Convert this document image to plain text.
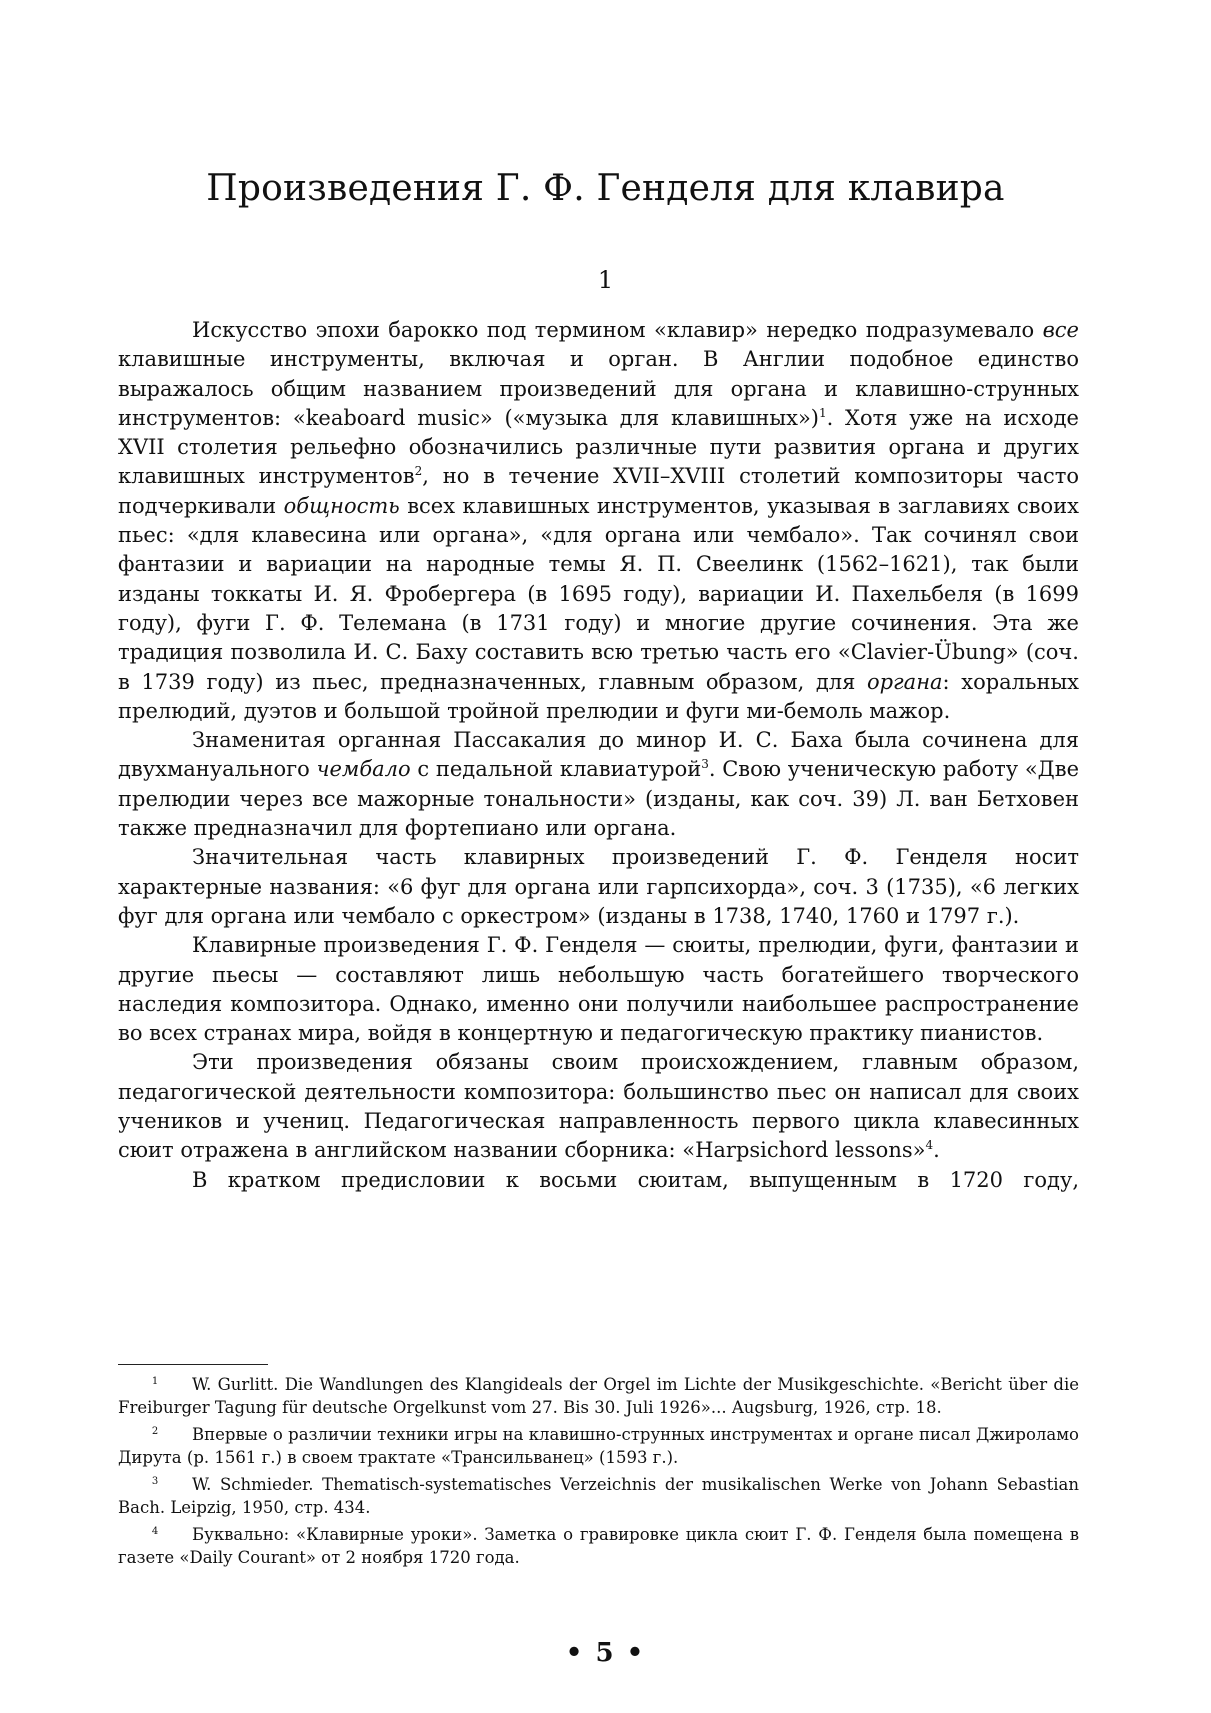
Произведения Г. Ф. Генделя для клавира
1

Искусство эпохи барокко под термином «клавир» нередко подразумевало все клавишные инструменты, включая и орган. В Англии подобное единство выражалось общим названием произведений для органа и клавишно-струнных инструментов: «keaboard music» («музыка для клавишных»)$^1$. Хотя уже на исходе XVII столетия рельефно обозначились различные пути развития органа и других клавишных инструментов$^2$, но в течение XVII–XVIII столетий композиторы часто подчеркивали общность всех клавишных инструментов, указывая в заглавиях своих пьес: «для клавесина или органа», «для органа или чембало». Так сочинял свои фантазии и вариации на народные темы Я. П. Свеелинк (1562–1621), так были изданы токкаты И. Я. Фробергера (в 1695 году), вариации И. Пахельбеля (в 1699 году), фуги Г. Ф. Телемана (в 1731 году) и многие другие сочинения. Эта же традиция позволила И. С. Баху составить всю третью часть его «Clavier-Übung» (соч. в 1739 году) из пьес, предназначенных, главным образом, для органа: хоральных прелюдий, дуэтов и большой тройной прелюдии и фуги ми-бемоль мажор.

Знаменитая органная Пассакалия до минор И. С. Баха была сочинена для двухмануального чембало с педальной клавиатурой$^3$. Свою ученическую работу «Две прелюдии через все мажорные тональности» (изданы, как соч. 39) Л. ван Бетховен также предназначил для фортепиано или органа.

Значительная часть клавирных произведений Г. Ф. Генделя носит характерные названия: «6 фуг для органа или гарпсихорда», соч. 3 (1735), «6 легких фуг для органа или чембало с оркестром» (изданы в 1738, 1740, 1760 и 1797 г.).

Клавирные произведения Г. Ф. Генделя — сюиты, прелюдии, фуги, фантазии и другие пьесы — составляют лишь небольшую часть богатейшего творческого наследия композитора. Однако, именно они получили наибольшее распространение во всех странах мира, войдя в концертную и педагогическую практику пианистов.

Эти произведения обязаны своим происхождением, главным образом, педагогической деятельности композитора: большинство пьес он написал для своих учеников и учениц. Педагогическая направленность первого цикла клавесинных сюит отражена в английском названии сборника: «Harpsichord lessons»$^4$.

В кратком предисловии к восьми сюитам, выпущенным в 1720 году,

1 W. Gurlitt. Die Wandlungen des Klangideals der Orgel im Lichte der Musikgeschichte. «Bericht über die Freiburger Tagung für deutsche Orgelkunst vom 27. Bis 30. Juli 1926»... Augsburg, 1926, стр. 18.

2 Впервые о различии техники игры на клавишно-струнных инструментах и органе писал Джироламо Дирута (р. 1561 г.) в своем трактате «Трансильванец» (1593 г.).

3 W. Schmieder. Thematisch-systematisches Verzeichnis der musikalischen Werke von Johann Sebastian Bach. Leipzig, 1950, стр. 434.

4 Буквально: «Клавирные уроки». Заметка о гравировке цикла сюит Г. Ф. Генделя была помещена в газете «Daily Courant» от 2 ноября 1720 года.

• 5 •
